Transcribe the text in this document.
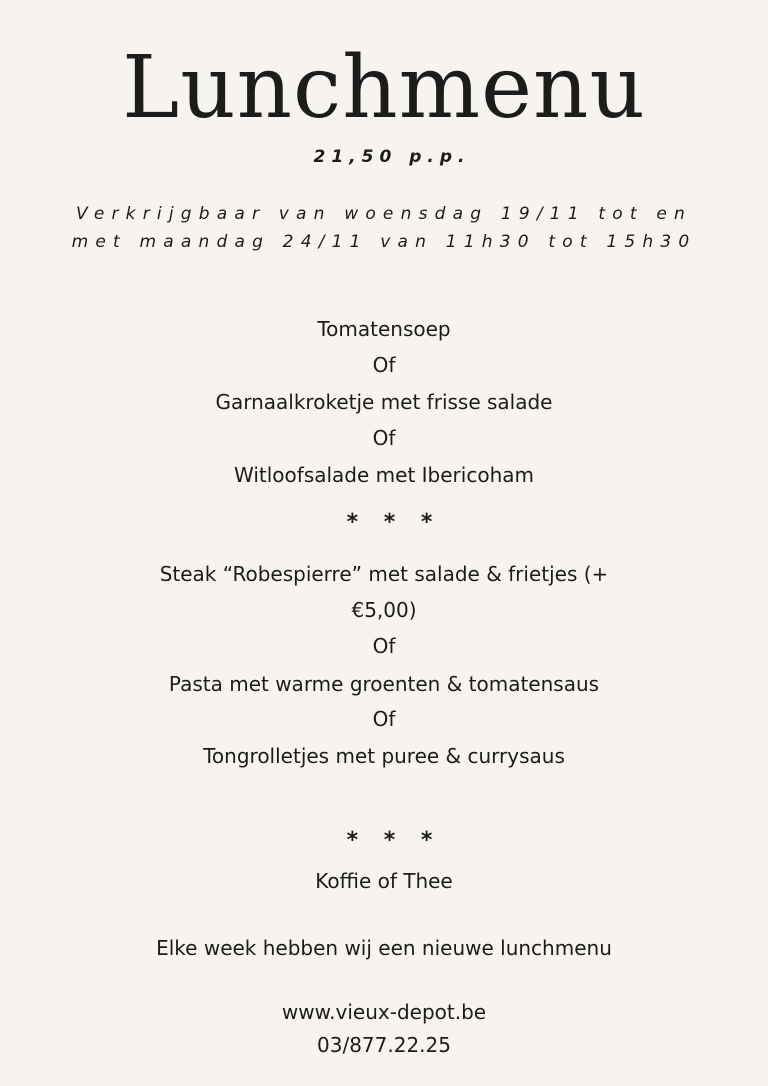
Lunchmenu
21,50 p.p.
Verkrijgbaar van woensdag 19/11 tot en
met maandag 24/11 van 11h30 tot 15h30
Tomatensoep
Of
Garnaalkroketje met frisse salade
Of
Witloofsalade met Ibericoham
* * *
Steak “Robespierre” met salade & frietjes (+
€5,00)
Of
Pasta met warme groenten & tomatensaus
Of
Tongrolletjes met puree & currysaus
* * *
Koffie of Thee
Elke week hebben wij een nieuwe lunchmenu
www.vieux-depot.be
03/877.22.25
